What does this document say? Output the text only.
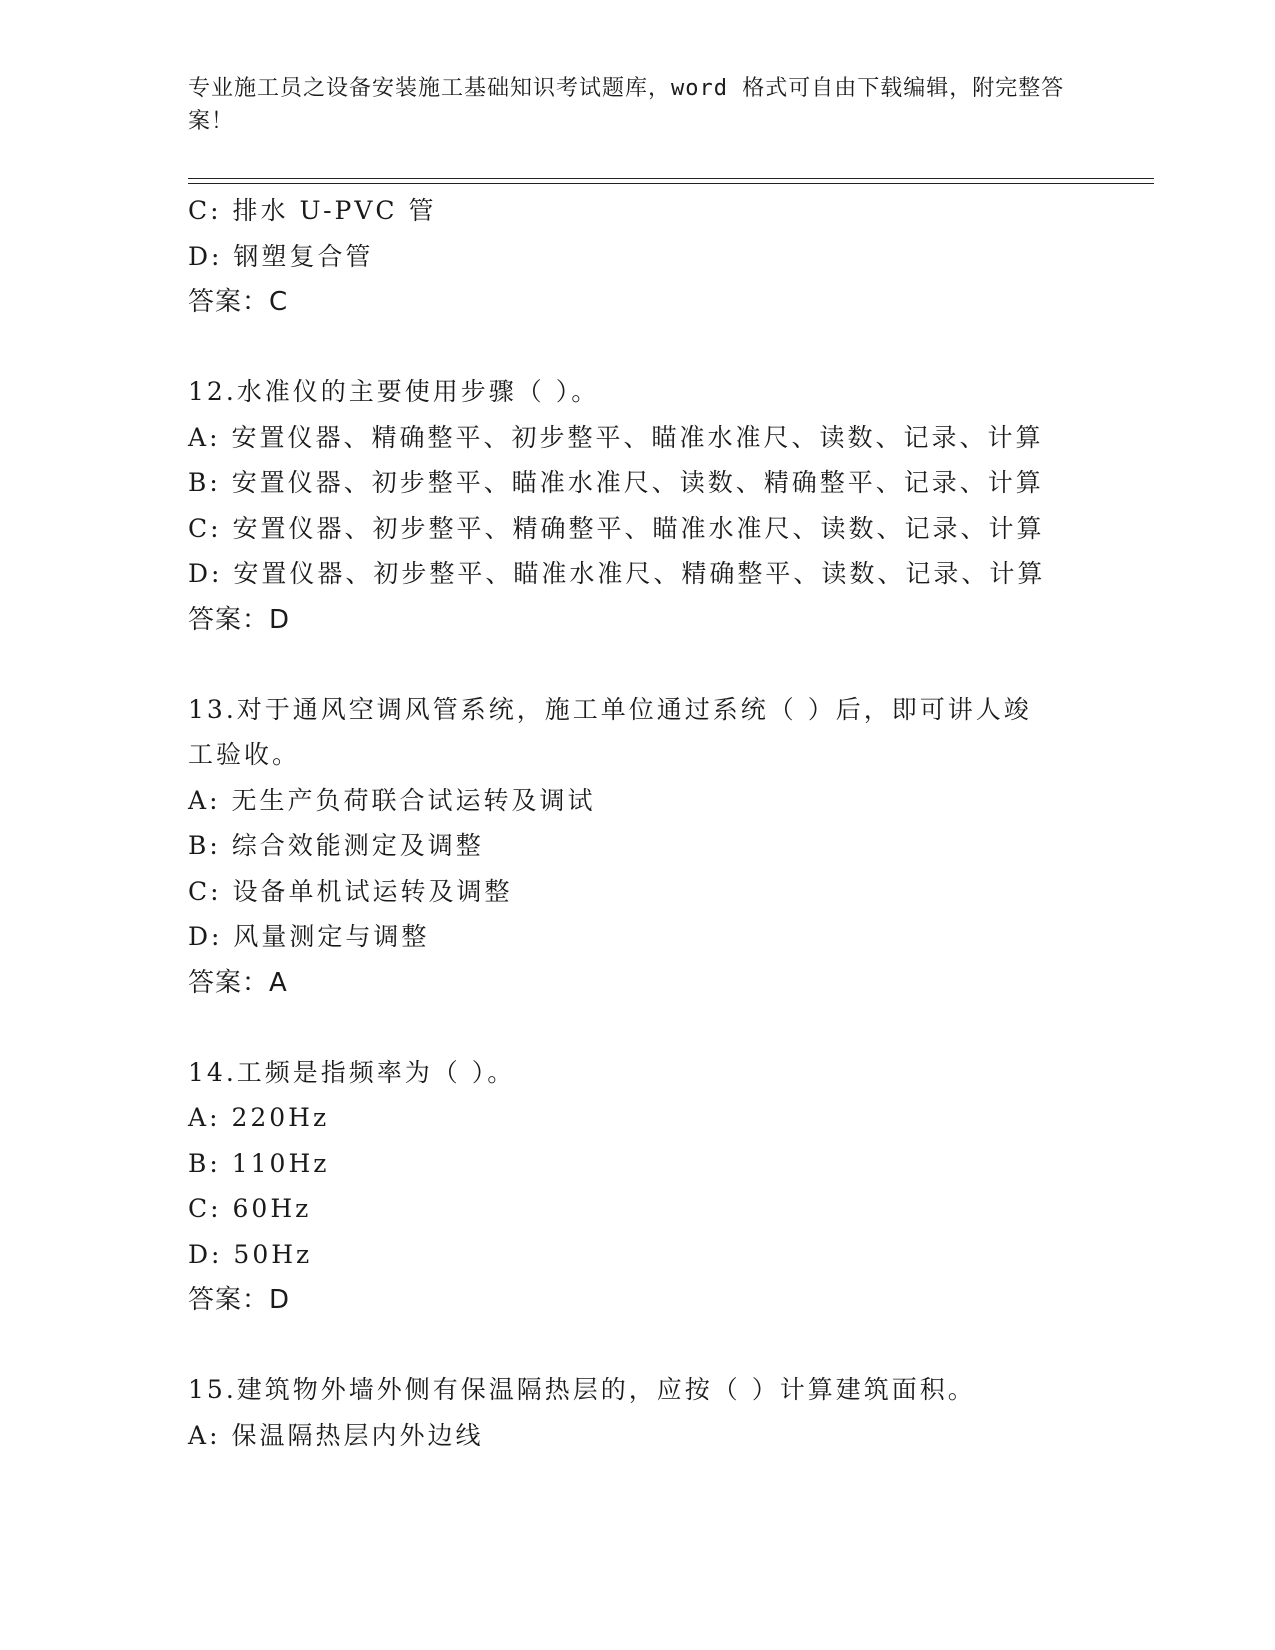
专业施工员之设备安装施工基础知识考试题库，word 格式可自由下载编辑，附完整答案！
C : 排水 U-PVC 管
D : 钢塑复合管
答案 ： C
12 . 水准仪的主要使用步骤（ ）。
A : 安置仪器、精确整平、初步整平、瞄准水准尺、读数、记录、计算
B : 安置仪器、初步整平、瞄准水准尺、读数、精确整平、记录、计算
C : 安置仪器、初步整平、精确整平、瞄准水准尺、读数、记录、计算
D : 安置仪器、初步整平、瞄准水准尺、精确整平、读数、记录、计算
答案 ： D
13 . 对于通风空调风管系统，施工单位通过系统（ ）后，即可讲人竣
工验收。
A : 无生产负荷联合试运转及调试
B : 综合效能测定及调整
C : 设备单机试运转及调整
D : 风量测定与调整
答案 ： A
14 . 工频是指频率为（ ）。
A : 220Hz
B : 110Hz
C : 60Hz
D : 50Hz
答案 ： D
15 . 建筑物外墙外侧有保温隔热层的，应按（ ）计算建筑面积。
A : 保温隔热层内外边线
